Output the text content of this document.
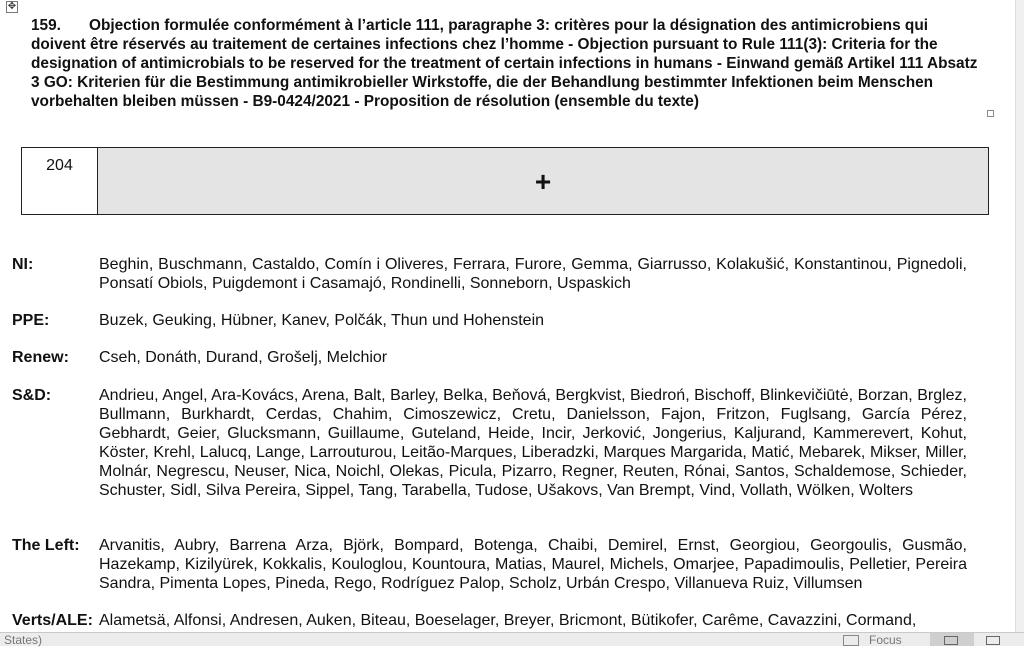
✥
159. Objection formulée conformément à l’article 111, paragraphe 3: critères pour la désignation des antimicrobiens qui doivent être réservés au traitement de certaines infections chez l’homme - Objection pursuant to Rule 111(3): Criteria for the designation of antimicrobials to be reserved for the treatment of certain infections in humans - Einwand gemäß Artikel 111 Absatz 3 GO: Kriterien für die Bestimmung antimikrobieller Wirkstoffe, die der Behandlung bestimmter Infektionen beim Menschen vorbehalten bleiben müssen - B9-0424/2021 - Proposition de résolution (ensemble du texte)
204
+
NI:	Beghin, Buschmann, Castaldo, Comín i Oliveres, Ferrara, Furore, Gemma, Giarrusso, Kolakušić, Konstantinou, Pignedoli, Ponsatí Obiols, Puigdemont i Casamajó, Rondinelli, Sonneborn, Uspaskich
PPE:	Buzek, Geuking, Hübner, Kanev, Polčák, Thun und Hohenstein
Renew: Cseh, Donáth, Durand, Grošelj, Melchior
S&D:	Andrieu, Angel, Ara-Kovács, Arena, Balt, Barley, Belka, Beňová, Bergkvist, Biedroń, Bischoff, Blinkevičiūtė, Borzan, Brglez, Bullmann, Burkhardt, Cerdas, Chahim, Cimoszewicz, Cretu, Danielsson, Fajon, Fritzon, Fuglsang, García Pérez, Gebhardt, Geier, Glucksmann, Guillaume, Guteland, Heide, Incir, Jerković, Jongerius, Kaljurand, Kammerevert, Kohut, Köster, Krehl, Lalucq, Lange, Larrouturou, Leitão-Marques, Liberadzki, Marques Margarida, Matić, Mebarek, Mikser, Miller, Molnár, Negrescu, Neuser, Nica, Noichl, Olekas, Picula, Pizarro, Regner, Reuten, Rónai, Santos, Schaldemose, Schieder, Schuster, Sidl, Silva Pereira, Sippel, Tang, Tarabella, Tudose, Ušakovs, Van Brempt, Vind, Vollath, Wölken, Wolters
The Left: Arvanitis, Aubry, Barrena Arza, Björk, Bompard, Botenga, Chaibi, Demirel, Ernst, Georgiou, Georgoulis, Gusmão, Hazekamp, Kizilyürek, Kokkalis, Kouloglou, Kountoura, Matias, Maurel, Michels, Omarjee, Papadimoulis, Pelletier, Pereira Sandra, Pimenta Lopes, Pineda, Rego, Rodríguez Palop, Scholz, Urbán Crespo, Villanueva Ruiz, Villumsen
Verts/ALE: Alametsä, Alfonsi, Andresen, Auken, Biteau, Boeselager, Breyer, Bricmont, Bütikofer, Carême, Cavazzini, Cormand,
States)	Focus
